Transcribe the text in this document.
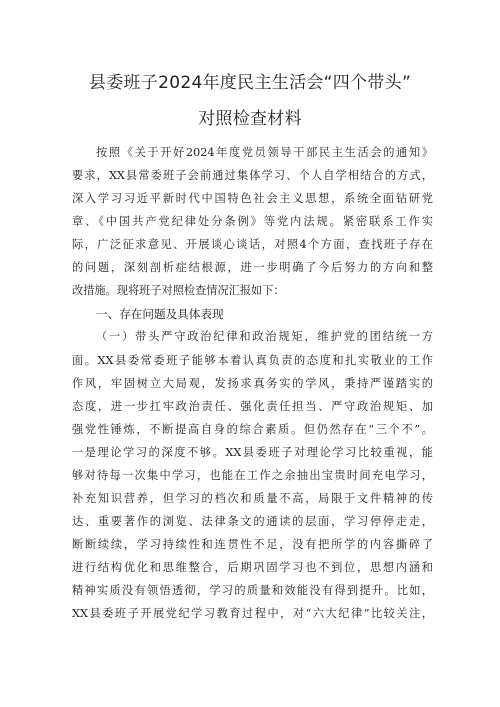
县委班子2024年度民主生活会“四个带头”
对照检查材料
按照《关于开好2024年度党员领导干部民主生活会的通知》
要求，XX县常委班子会前通过集体学习、个人自学相结合的方式，
深入学习习近平新时代中国特色社会主义思想，系统全面钻研党
章、《中国共产党纪律处分条例》等党内法规。紧密联系工作实
际，广泛征求意见、开展谈心谈话，对照4个方面，查找班子存在
的问题，深刻剖析症结根源，进一步明确了今后努力的方向和整
改措施。现将班子对照检查情况汇报如下：
一、存在问题及具体表现
（一）带头严守政治纪律和政治规矩，维护党的团结统一方
面。XX县委常委班子能够本着认真负责的态度和扎实敬业的工作
作风，牢固树立大局观，发扬求真务实的学风，秉持严谨踏实的
态度，进一步扛牢政治责任、强化责任担当、严守政治规矩、加
强党性锤炼，不断提高自身的综合素质。但仍然存在“三个不”。
一是理论学习的深度不够。XX县委班子对理论学习比较重视，能
够对待每一次集中学习，也能在工作之余抽出宝贵时间充电学习，
补充知识营养，但学习的档次和质量不高，局限于文件精神的传
达、重要著作的浏览、法律条文的通读的层面，学习停停走走，
断断续续，学习持续性和连贯性不足，没有把所学的内容撕碎了
进行结构优化和思维整合，后期巩固学习也不到位，思想内涵和
精神实质没有领悟透彻，学习的质量和效能没有得到提升。比如，
XX县委班子开展党纪学习教育过程中，对“六大纪律”比较关注，
